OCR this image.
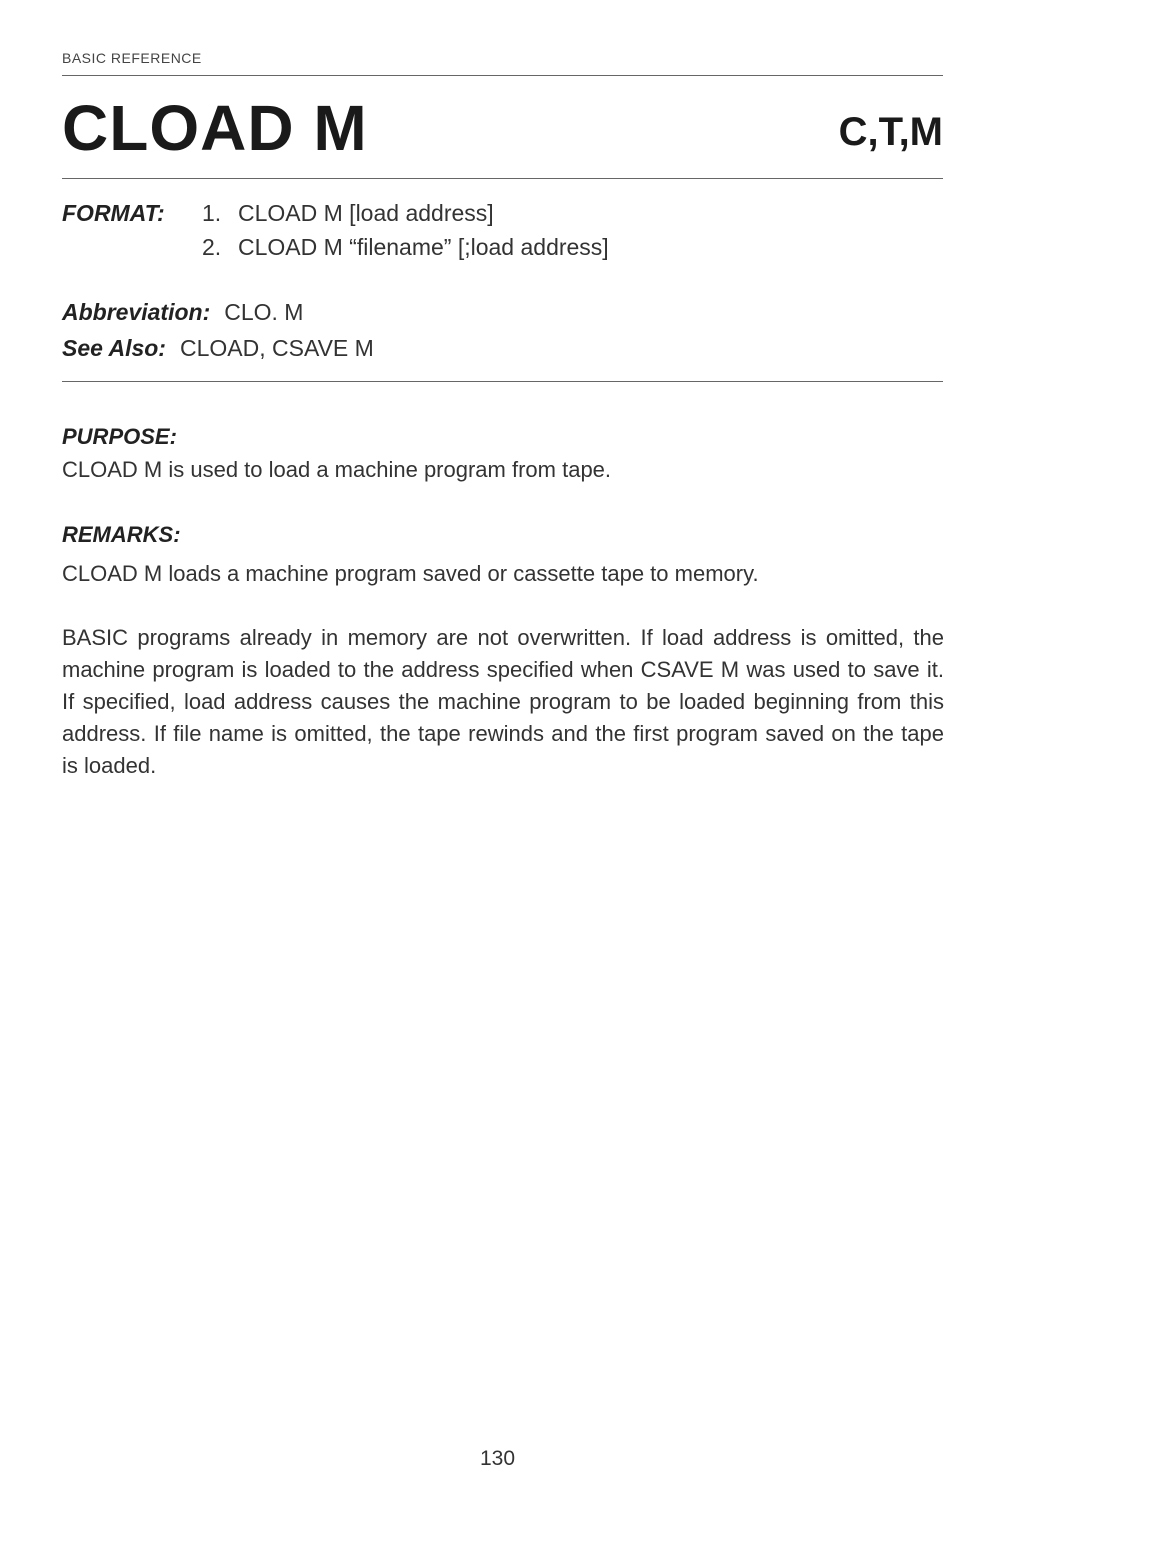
BASIC REFERENCE
CLOAD M	C,T,M
FORMAT: 1. CLOAD M [load address]
2. CLOAD M “filename” [;load address]
Abbreviation: CLO. M
See Also: CLOAD, CSAVE M
PURPOSE:
CLOAD M is used to load a machine program from tape.
REMARKS:
CLOAD M loads a machine program saved or cassette tape to memory.
BASIC programs already in memory are not overwritten. If load address is omitted, the machine program is loaded to the address specified when CSAVE M was used to save it. If specified, load address causes the machine program to be loaded beginning from this address. If file name is omitted, the tape rewinds and the first program saved on the tape is loaded.
130
